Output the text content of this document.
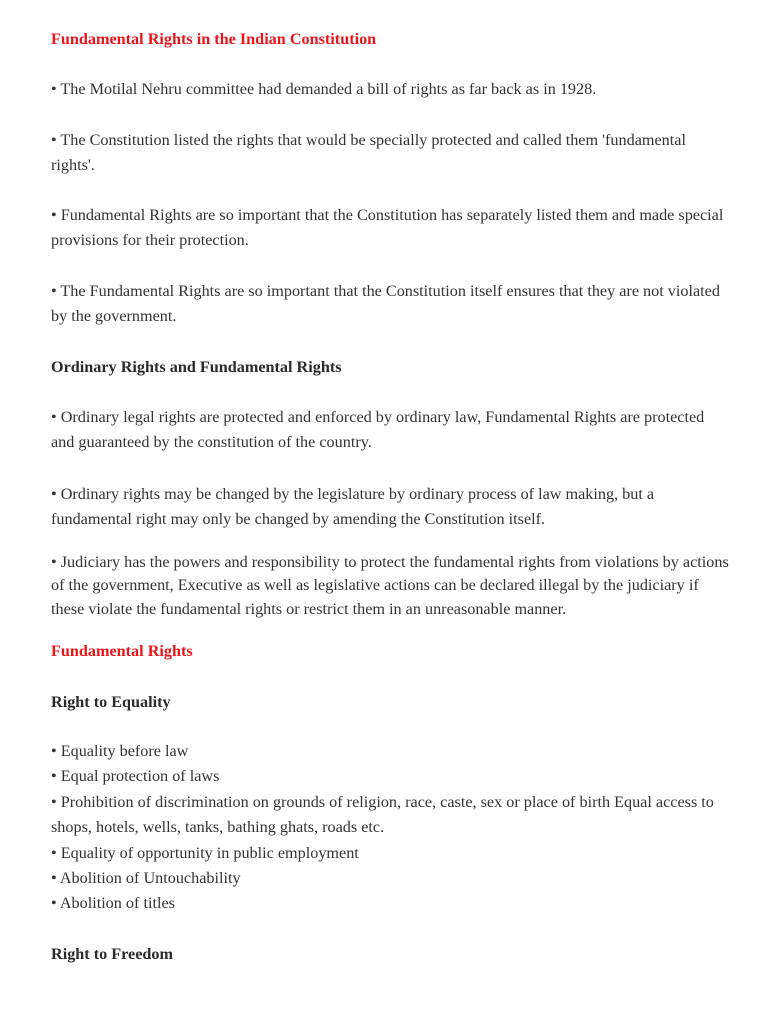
Fundamental Rights in the Indian Constitution
• The Motilal Nehru committee had demanded a bill of rights as far back as in 1928.
• The Constitution listed the rights that would be specially protected and called them 'fundamental rights'.
• Fundamental Rights are so important that the Constitution has separately listed them and made special provisions for their protection.
• The Fundamental Rights are so important that the Constitution itself ensures that they are not violated by the government.
Ordinary Rights and Fundamental Rights
• Ordinary legal rights are protected and enforced by ordinary law, Fundamental Rights are protected and guaranteed by the constitution of the country.
• Ordinary rights may be changed by the legislature by ordinary process of law making, but a fundamental right may only be changed by amending the Constitution itself.
• Judiciary has the powers and responsibility to protect the fundamental rights from violations by actions of the government, Executive as well as legislative actions can be declared illegal by the judiciary if these violate the fundamental rights or restrict them in an unreasonable manner.
Fundamental Rights
Right to Equality
• Equality before law
• Equal protection of laws
• Prohibition of discrimination on grounds of religion, race, caste, sex or place of birth Equal access to shops, hotels, wells, tanks, bathing ghats, roads etc.
• Equality of opportunity in public employment
• Abolition of Untouchability
• Abolition of titles
Right to Freedom
